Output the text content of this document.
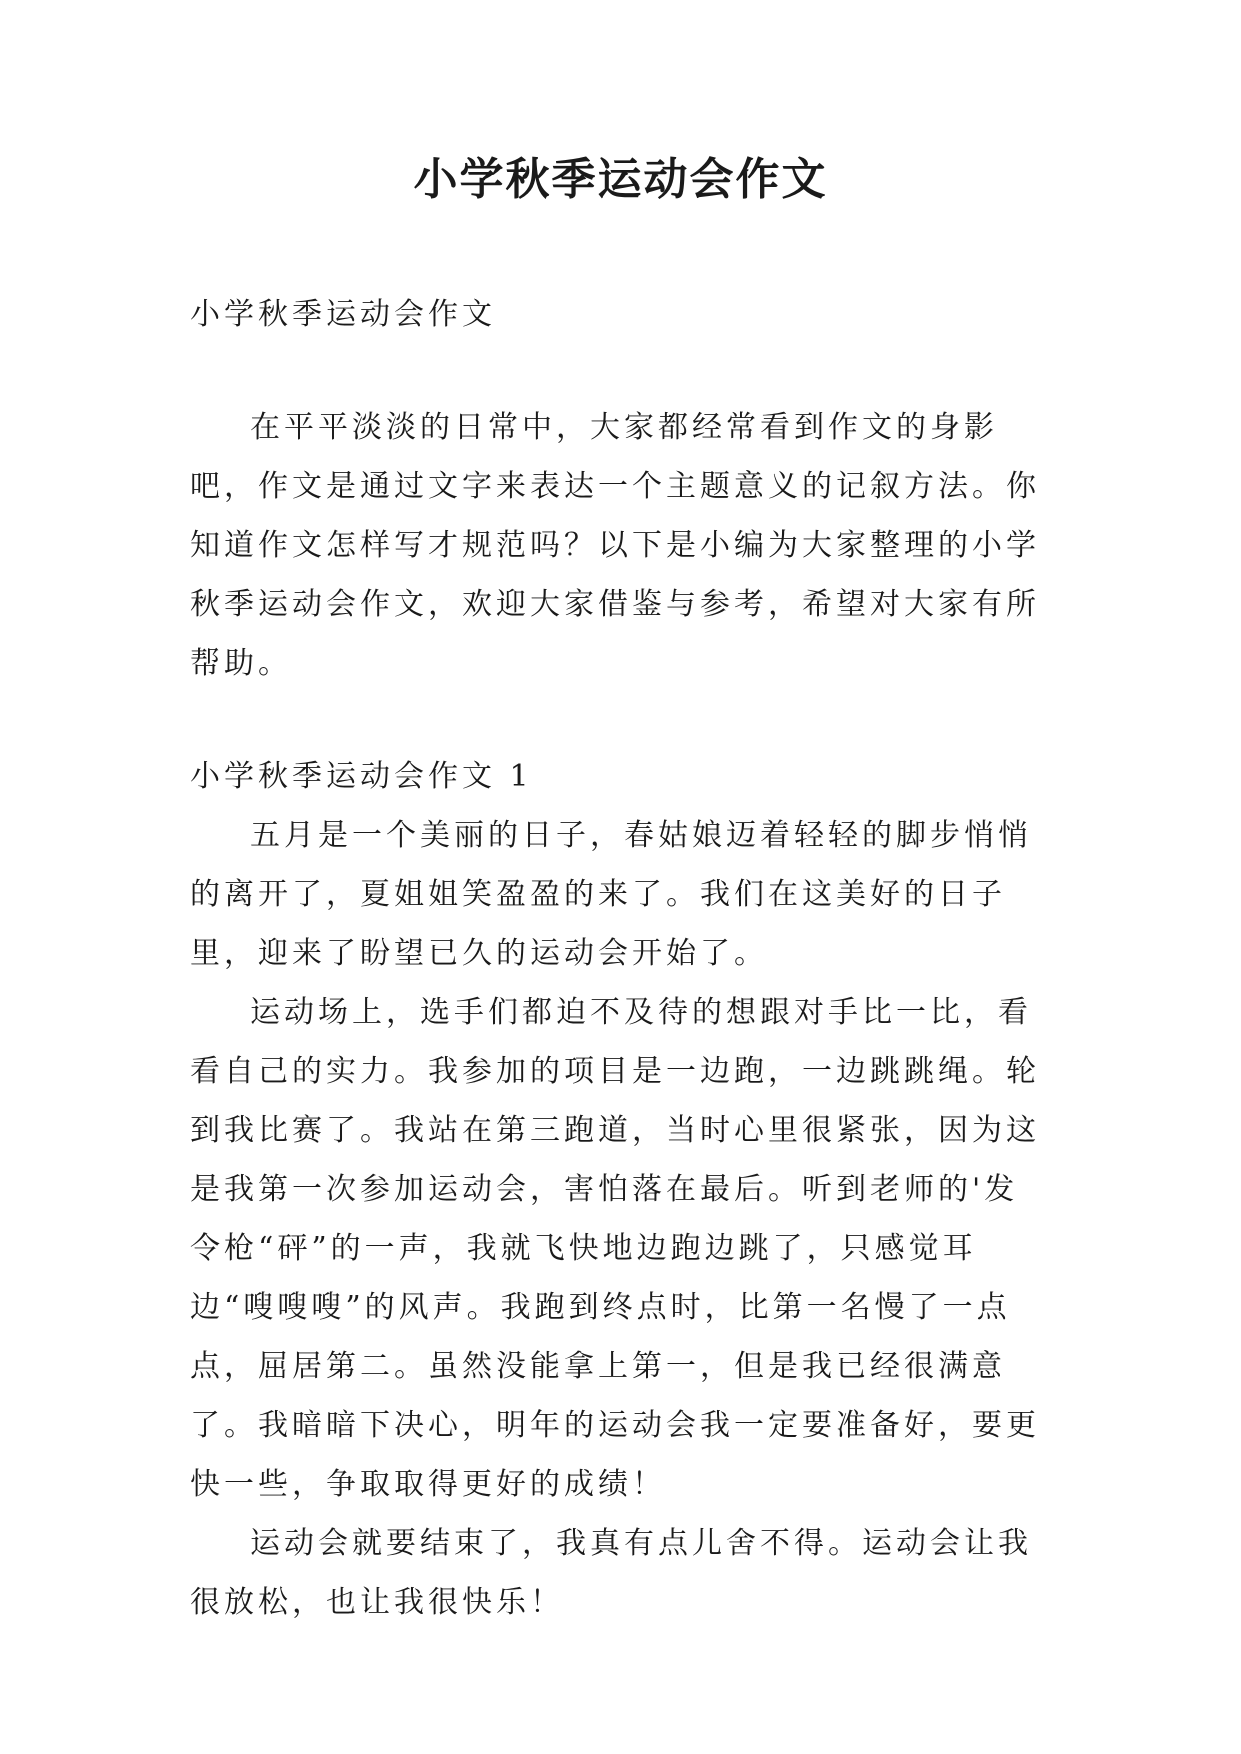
小学秋季运动会作文

小学秋季运动会作文

在平平淡淡的日常中，大家都经常看到作文的身影吧，作文是通过文字来表达一个主题意义的记叙方法。你知道作文怎样写才规范吗？以下是小编为大家整理的小学秋季运动会作文，欢迎大家借鉴与参考，希望对大家有所帮助。

小学秋季运动会作文 1

五月是一个美丽的日子，春姑娘迈着轻轻的脚步悄悄的离开了，夏姐姐笑盈盈的来了。我们在这美好的日子里，迎来了盼望已久的运动会开始了。

运动场上，选手们都迫不及待的想跟对手比一比，看看自己的实力。我参加的项目是一边跑，一边跳跳绳。轮到我比赛了。我站在第三跑道，当时心里很紧张，因为这是我第一次参加运动会，害怕落在最后。听到老师的'发令枪“砰”的一声，我就飞快地边跑边跳了，只感觉耳边“嗖嗖嗖”的风声。我跑到终点时，比第一名慢了一点点，屈居第二。虽然没能拿上第一，但是我已经很满意了。我暗暗下决心，明年的运动会我一定要准备好，要更快一些，争取取得更好的成绩！

运动会就要结束了，我真有点儿舍不得。运动会让我很放松，也让我很快乐！
